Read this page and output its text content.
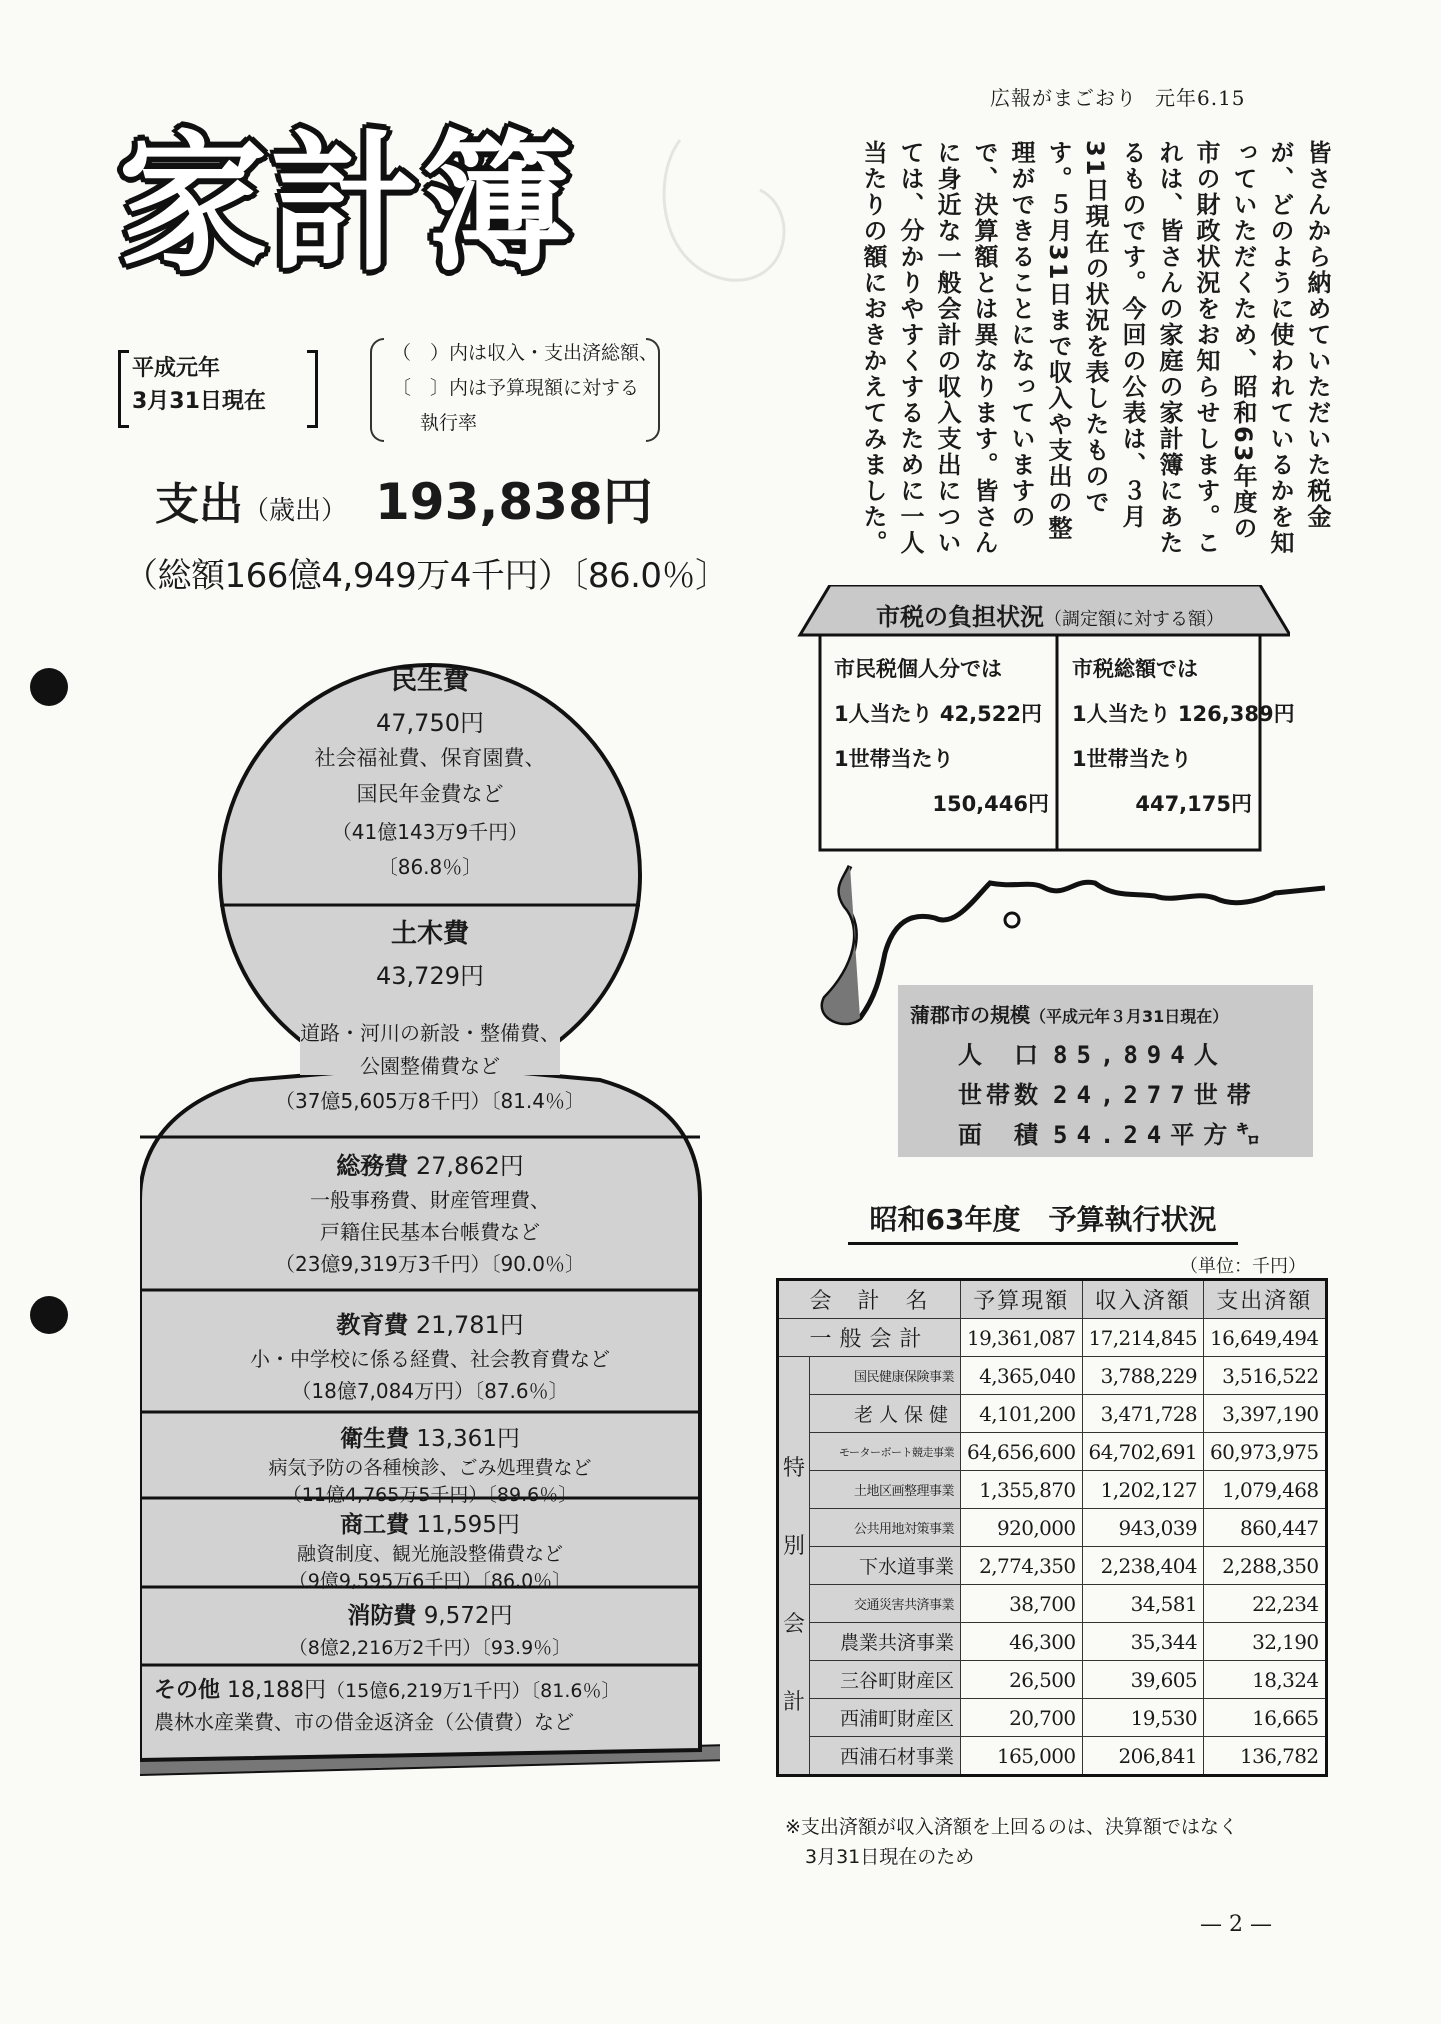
広報がまごおり 元年6.15
家計簿
平成元年
3月31日現在
（　）内は収入・支出済総額、
〔　〕内は予算現額に対する
執行率
支出（歳出） 193,838円
（総額166億4,949万4千円）〔86.0％〕
民生費
47,750円
社会福祉費、保育園費、
国民年金費など
（41億143万9千円）
〔86.8％〕
土木費
43,729円
道路・河川の新設・整備費、
公園整備費など
（37億5,605万8千円）〔81.4％〕
総務費 27,862円
一般事務費、財産管理費、
戸籍住民基本台帳費など
（23億9,319万3千円）〔90.0％〕
教育費 21,781円
小・中学校に係る経費、社会教育費など
（18億7,084万円）〔87.6％〕
衛生費 13,361円
病気予防の各種検診、ごみ処理費など
（11億4,765万5千円）〔89.6％〕
商工費 11,595円
融資制度、観光施設整備費など
（9億9,595万6千円）〔86.0％〕
消防費 9,572円
（8億2,216万2千円）〔93.9％〕
その他 18,188円（15億6,219万1千円）〔81.6％〕
農林水産業費、市の借金返済金（公債費）など
皆さんから納めていただいた税金が、どのように使われているかを知っていただくため、昭和63年度の市の財政状況をお知らせします。これは、皆さんの家庭の家計簿にあたるものです。今回の公表は、３月31日現在の状況を表したものです。５月31日まで収入や支出の整理ができることになっていますので、決算額とは異なります。皆さんに身近な一般会計の収入支出については、分かりやすくするために一人当たりの額におきかえてみました。
市税の負担状況（調定額に対する額）
市民税個人分では
1人当たり 42,522円
1世帯当たり
150,446円
市税総額では
1人当たり 126,389円
1世帯当たり
447,175円
蒲郡市の規模（平成元年３月31日現在）
人　口 85,894人
世帯数 24,277世帯
面　積 54.24平方㌔
昭和63年度　予算執行状況
（単位：千円）
会　計　名		予算現額	収入済額	支出済額
一般会計		19,361,087	17,214,845	16,649,494

特
別
会
計	国民健康保険事業	4,365,040	3,788,229	3,516,522
	老人保健	4,101,200	3,471,728	3,397,190
	モーターボート競走事業	64,656,600	64,702,691	60,973,975
	土地区画整理事業	1,355,870	1,202,127	1,079,468
	公共用地対策事業	920,000	943,039	860,447
	下水道事業	2,774,350	2,238,404	2,288,350
	交通災害共済事業	38,700	34,581	22,234
	農業共済事業	46,300	35,344	32,190
	三谷町財産区	26,500	39,605	18,324
	西浦町財産区	20,700	19,530	16,665
	西浦石材事業	165,000	206,841	136,782
※支出済額が収入済額を上回るのは、決算額ではなく
3月31日現在のため
— 2 —
